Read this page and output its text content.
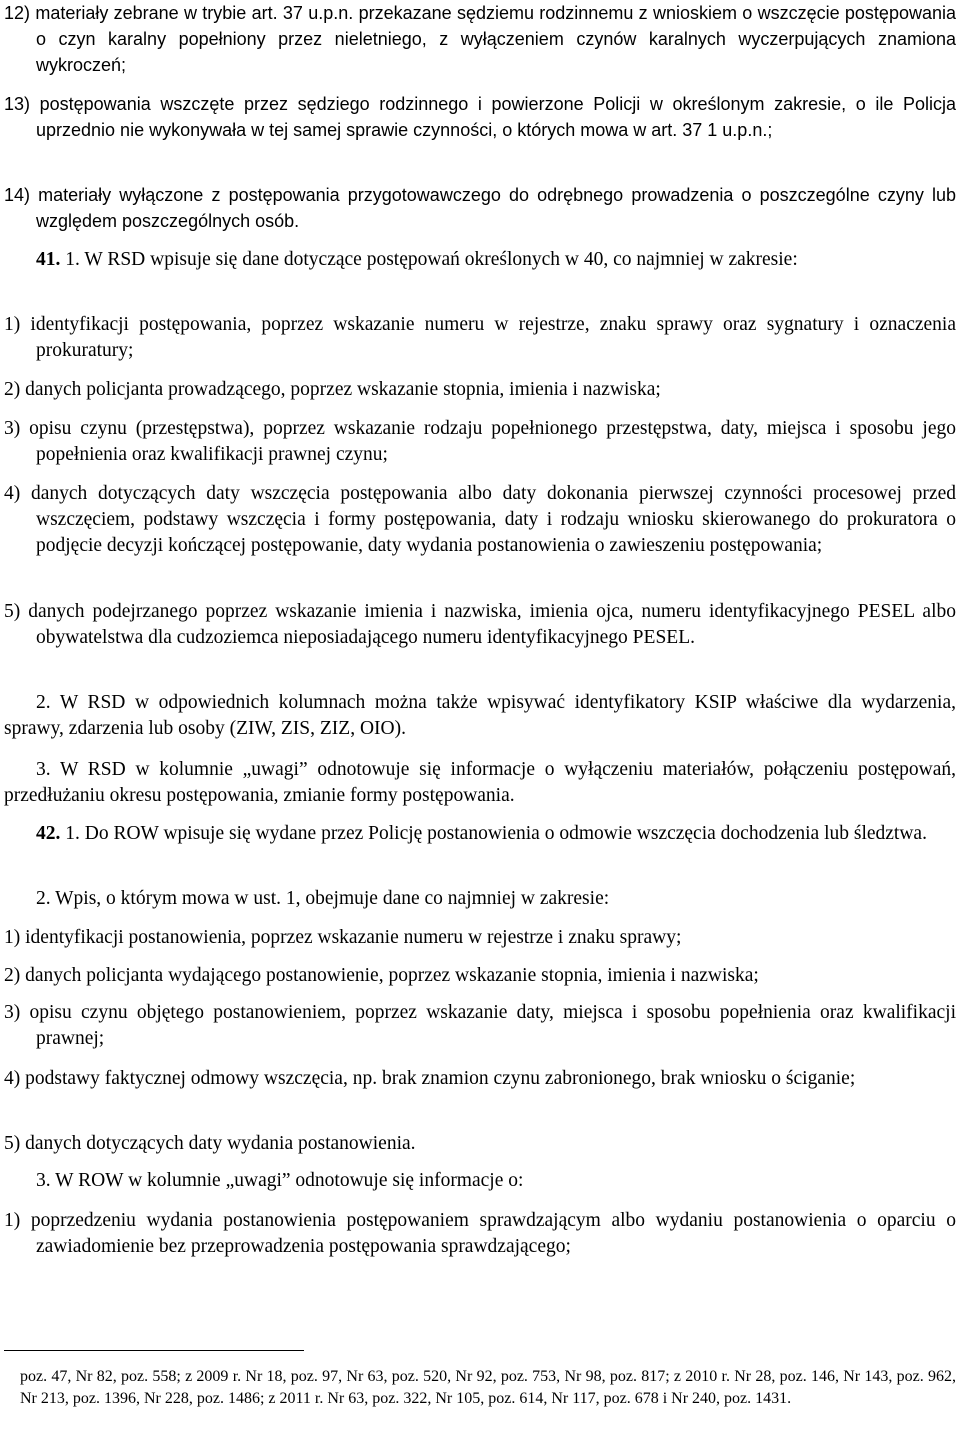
12) materiały zebrane w trybie art. 37 u.p.n. przekazane sędziemu rodzinnemu z wnioskiem o wszczęcie postępowania o czyn karalny popełniony przez nieletniego, z wyłączeniem czynów karalnych wyczerpujących znamiona wykroczeń;

13) postępowania wszczęte przez sędziego rodzinnego i powierzone Policji w określonym zakresie, o ile Policja uprzednio nie wykonywała w tej samej sprawie czynności, o których mowa w art. 37 1 u.p.n.;

14) materiały wyłączone z postępowania przygotowawczego do odrębnego prowadzenia o poszczególne czyny lub względem poszczególnych osób.

41. 1. W RSD wpisuje się dane dotyczące postępowań określonych w 40, co najmniej w zakresie:

1) identyfikacji postępowania, poprzez wskazanie numeru w rejestrze, znaku sprawy oraz sygnatury i oznaczenia prokuratury;

2) danych policjanta prowadzącego, poprzez wskazanie stopnia, imienia i nazwiska;

3) opisu czynu (przestępstwa), poprzez wskazanie rodzaju popełnionego przestępstwa, daty, miejsca i sposobu jego popełnienia oraz kwalifikacji prawnej czynu;

4) danych dotyczących daty wszczęcia postępowania albo daty dokonania pierwszej czynności procesowej przed wszczęciem, podstawy wszczęcia i formy postępowania, daty i rodzaju wniosku skierowanego do prokuratora o podjęcie decyzji kończącej postępowanie, daty wydania postanowienia o zawieszeniu postępowania;

5) danych podejrzanego poprzez wskazanie imienia i nazwiska, imienia ojca, numeru identyfikacyjnego PESEL albo obywatelstwa dla cudzoziemca nieposiadającego numeru identyfikacyjnego PESEL.

2. W RSD w odpowiednich kolumnach można także wpisywać identyfikatory KSIP właściwe dla wydarzenia, sprawy, zdarzenia lub osoby (ZIW, ZIS, ZIZ, OIO).

3. W RSD w kolumnie „uwagi” odnotowuje się informacje o wyłączeniu materiałów, połączeniu postępowań, przedłużaniu okresu postępowania, zmianie formy postępowania.

42. 1. Do ROW wpisuje się wydane przez Policję postanowienia o odmowie wszczęcia dochodzenia lub śledztwa.

2. Wpis, o którym mowa w ust. 1, obejmuje dane co najmniej w zakresie:

1) identyfikacji postanowienia, poprzez wskazanie numeru w rejestrze i znaku sprawy;

2) danych policjanta wydającego postanowienie, poprzez wskazanie stopnia, imienia i nazwiska;

3) opisu czynu objętego postanowieniem, poprzez wskazanie daty, miejsca i sposobu popełnienia oraz kwalifikacji prawnej;

4) podstawy faktycznej odmowy wszczęcia, np. brak znamion czynu zabronionego, brak wniosku o ściganie;

5) danych dotyczących daty wydania postanowienia.

3. W ROW w kolumnie „uwagi” odnotowuje się informacje o:

1) poprzedzeniu wydania postanowienia postępowaniem sprawdzającym albo wydaniu postanowienia o oparciu o zawiadomienie bez przeprowadzenia postępowania sprawdzającego;

poz. 47, Nr 82, poz. 558; z 2009 r. Nr 18, poz. 97, Nr 63, poz. 520, Nr 92, poz. 753, Nr 98, poz. 817; z 2010 r. Nr 28, poz. 146, Nr 143, poz. 962, Nr 213, poz. 1396, Nr 228, poz. 1486; z 2011 r. Nr 63, poz. 322, Nr 105, poz. 614, Nr 117, poz. 678 i Nr 240, poz. 1431.
